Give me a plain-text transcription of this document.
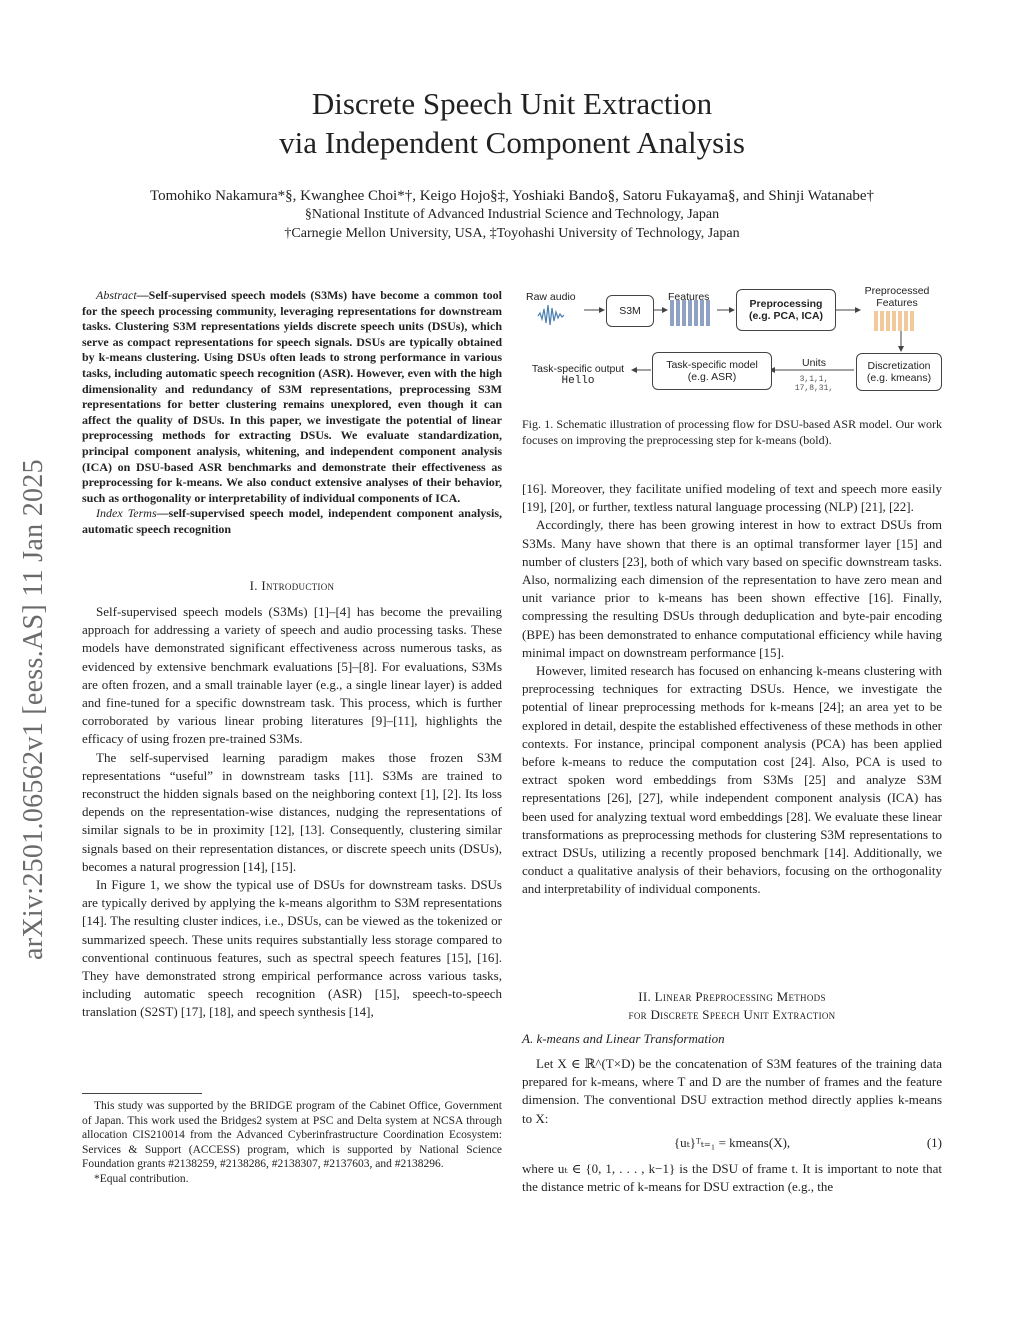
Discrete Speech Unit Extraction
via Independent Component Analysis
Tomohiko Nakamura*§, Kwanghee Choi*†, Keigo Hojo§‡, Yoshiaki Bando§, Satoru Fukayama§, and Shinji Watanabe†
§National Institute of Advanced Industrial Science and Technology, Japan
†Carnegie Mellon University, USA, ‡Toyohashi University of Technology, Japan
arXiv:2501.06562v1 [eess.AS] 11 Jan 2025
Abstract—Self-supervised speech models (S3Ms) have become a common tool for the speech processing community, leveraging representations for downstream tasks. Clustering S3M representations yields discrete speech units (DSUs), which serve as compact representations for speech signals. DSUs are typically obtained by k-means clustering. Using DSUs often leads to strong performance in various tasks, including automatic speech recognition (ASR). However, even with the high dimensionality and redundancy of S3M representations, preprocessing S3M representations for better clustering remains unexplored, even though it can affect the quality of DSUs. In this paper, we investigate the potential of linear preprocessing methods for extracting DSUs. We evaluate standardization, principal component analysis, whitening, and independent component analysis (ICA) on DSU-based ASR benchmarks and demonstrate their effectiveness as preprocessing for k-means. We also conduct extensive analyses of their behavior, such as orthogonality or interpretability of individual components of ICA.
Index Terms—self-supervised speech model, independent component analysis, automatic speech recognition
I. Introduction

Self-supervised speech models (S3Ms) [1]–[4] has become the prevailing approach for addressing a variety of speech and audio processing tasks. These models have demonstrated significant effectiveness across numerous tasks, as evidenced by extensive benchmark evaluations [5]–[8]. For evaluations, S3Ms are often frozen, and a small trainable layer (e.g., a single linear layer) is added and fine-tuned for a specific downstream task. This process, which is further corroborated by various linear probing literatures [9]–[11], highlights the efficacy of using frozen pre-trained S3Ms.

The self-supervised learning paradigm makes those frozen S3M representations “useful” in downstream tasks [11]. S3Ms are trained to reconstruct the hidden signals based on the neighboring context [1], [2]. Its loss depends on the representation-wise distances, nudging the representations of similar signals to be in proximity [12], [13]. Consequently, clustering similar signals based on their representation distances, or discrete speech units (DSUs), becomes a natural progression [14], [15].

In Figure 1, we show the typical use of DSUs for downstream tasks. DSUs are typically derived by applying the k-means algorithm to S3M representations [14]. The resulting cluster indices, i.e., DSUs, can be viewed as the tokenized or summarized speech. These units requires substantially less storage compared to conventional continuous features, such as spectral speech features [15], [16]. They have demonstrated strong empirical performance across various tasks, including automatic speech recognition (ASR) [15], speech-to-speech translation (S2ST) [17], [18], and speech synthesis [14],

This study was supported by the BRIDGE program of the Cabinet Office, Government of Japan. This work used the Bridges2 system at PSC and Delta system at NCSA through allocation CIS210014 from the Advanced Cyberinfrastructure Coordination Ecosystem: Services & Support (ACCESS) program, which is supported by National Science Foundation grants #2138259, #2138286, #2138307, #2137603, and #2138296.
*Equal contribution.
Raw audio
S3M
Features
Preprocessing
(e.g. PCA, ICA)
Preprocessed
Features
Task-specific output
Hello
Task-specific model
(e.g. ASR)
Units
3,1,1,
17,8,31,
Discretization
(e.g. kmeans)
Fig. 1. Schematic illustration of processing flow for DSU-based ASR model. Our work focuses on improving the preprocessing step for k-means (bold).

[16]. Moreover, they facilitate unified modeling of text and speech more easily [19], [20], or further, textless natural language processing (NLP) [21], [22].

Accordingly, there has been growing interest in how to extract DSUs from S3Ms. Many have shown that there is an optimal transformer layer [15] and number of clusters [23], both of which vary based on specific downstream tasks. Also, normalizing each dimension of the representation to have zero mean and unit variance prior to k-means has been shown effective [16]. Finally, compressing the resulting DSUs through deduplication and byte-pair encoding (BPE) has been demonstrated to enhance computational efficiency while having minimal impact on downstream performance [15].

However, limited research has focused on enhancing k-means clustering with preprocessing techniques for extracting DSUs. Hence, we investigate the potential of linear preprocessing methods for k-means [24]; an area yet to be explored in detail, despite the established effectiveness of these methods in other contexts. For instance, principal component analysis (PCA) has been applied before k-means to reduce the computation cost [24]. Also, PCA is used to extract spoken word embeddings from S3Ms [25] and analyze S3M representations [26], [27], while independent component analysis (ICA) has been used for analyzing textual word embeddings [28]. We evaluate these linear transformations as preprocessing methods for clustering S3M representations to extract DSUs, utilizing a recently proposed benchmark [14]. Additionally, we conduct a qualitative analysis of their behaviors, focusing on the orthogonality and interpretability of individual components.

II. Linear Preprocessing Methods
for Discrete Speech Unit Extraction
A. k-means and Linear Transformation

Let X ∈ ℝ^(T×D) be the concatenation of S3M features of the training data prepared for k-means, where T and D are the number of frames and the feature dimension. The conventional DSU extraction method directly applies k-means to X:

{uₜ}ᵀₜ₌₁ = kmeans(X),	(1)

where uₜ ∈ {0, 1, . . . , k−1} is the DSU of frame t. It is important to note that the distance metric of k-means for DSU extraction (e.g., the
